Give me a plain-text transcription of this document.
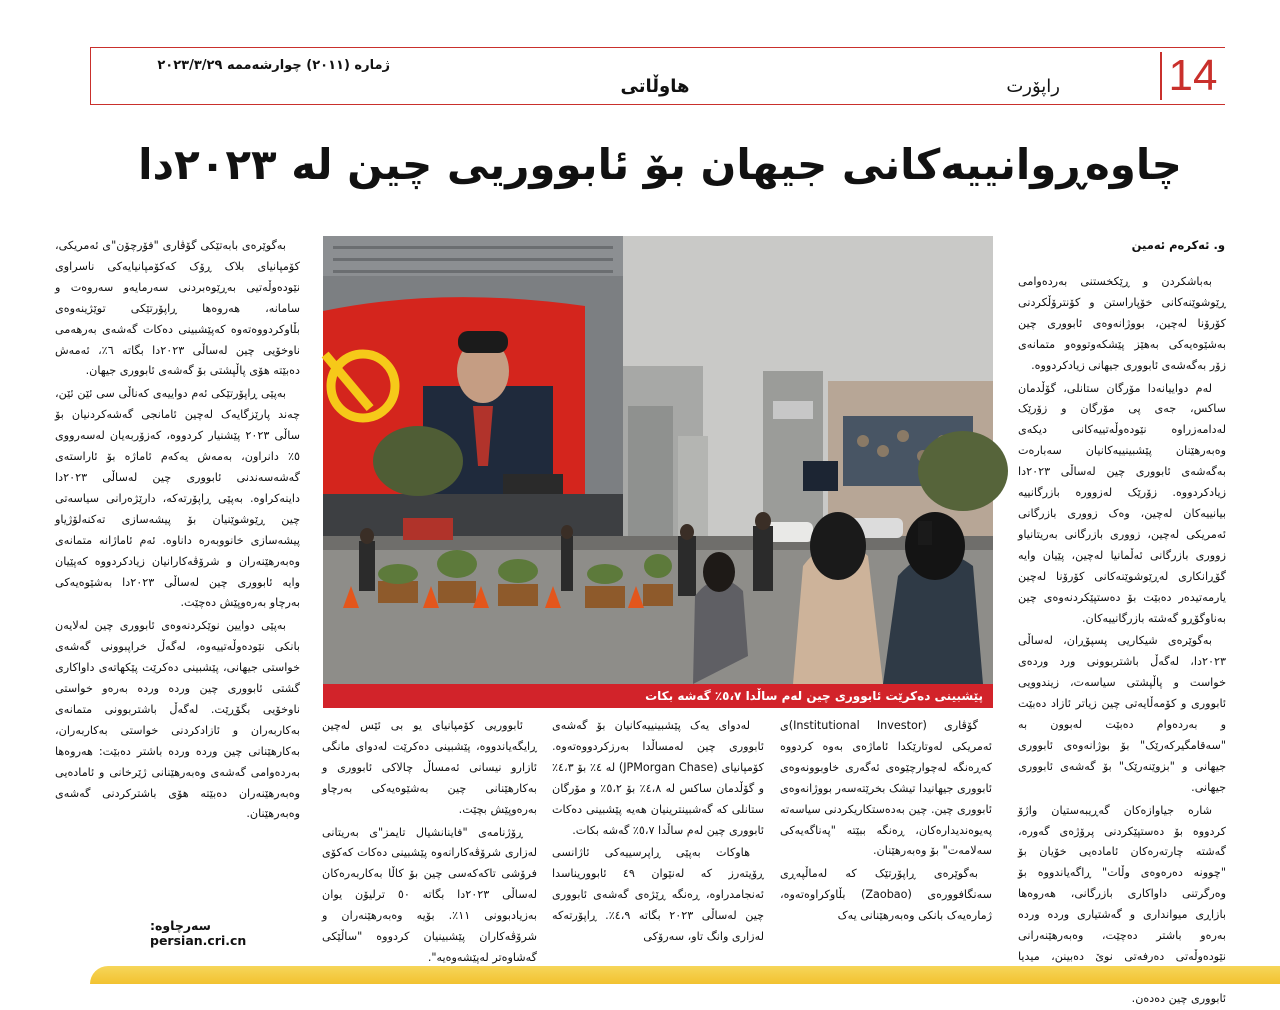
14
ژماره (٢٠١١) چوارشەممە ٢٠٢٣/٣/٢٩
راپۆرت
هاوڵاتی
چاوەڕوانییەکانی جیهان بۆ ئابووریی چین لە ٢٠٢٣دا
و. ئەکرەم ئەمین

بەباشکردن و ڕێکخستنی بەردەوامی ڕێوشوێنەکانی خۆپاراستن و کۆنترۆڵکردنی کۆرۆنا لەچین، بووژانەوەی ئابووری چین بەشێوەیەکی بەهێز پێشکەوتووەو متمانەی زۆر بەگەشەی ئابووری جیهانی زیادکردووە.

لەم دواییانەدا مۆرگان ستانلی، گۆڵدمان ساکس، جەی پی مۆرگان و زۆرێک لەدامەزراوە نێودەوڵەتییەکانی دیکەی وەبەرهێنان پێشبینییەکانیان سەبارەت بەگەشەی ئابووری چین لەساڵی ٢٠٢٣دا زیادکردووە. زۆرێک لەزووره بازرگانییە بیانییەکان لەچین، وەک زووری بازرگانی ئەمریکی لەچین، زووری بازرگانی بەریتانیاو زووری بازرگانی ئەڵمانیا لەچین، پێیان وایە گۆڕانکاری لەڕێوشوێنەکانی کۆرۆنا لەچین یارمەتیدەر دەبێت بۆ دەستپێکردنەوەی چین بەناوگۆڕو گەشتە بازرگانییەکان.

بەگوێرەی شیکاریی پسپۆڕان، لەساڵی ٢٠٢٣دا، لەگەڵ باشتربوونی ورد وردەی خواست و پاڵپشتی سیاسەت، زیندوویی ئابووری و کۆمەڵایەتی چین زیاتر ئازاد دەبێت و بەردەوام دەبێت لەبوون بە "سەقامگیرکەرێک" بۆ بوژانەوەی ئابووری جیهانی و "بزوێنەرێک" بۆ گەشەی ئابووری جیهانی.

شارە جیاوازەکان گەڕیبەستیان واژۆ کردووە بۆ دەستپێکردنی پرۆژەی گەورە، گەشتە چارتەرەکان ئامادەیی خۆیان بۆ "چوونە دەرەوەی وڵات" ڕاگەیاندووە بۆ وەرگرتنی داواکاری بازرگانی، هەروەها بازاڕی میوانداری و گەشتیاری وردە وردە بەرەو باشتر دەچێت، وەبەرهێنەرانی نێودەوڵەتی دەرفەتی نوێ دەبینن، میدیا ئابووری چین دەدەن.

بەگوێرەی بابەتێکی گۆڤاری "فۆرچۆن"ی ئەمریکی، کۆمپانیای بلاک ڕۆک کەکۆمپانیایەکی ناسراوی نێودەوڵەتیی بەڕێوەبردنی سەرمایەو سەروەت و سامانە، هەروەها ڕاپۆرتێکی توێژینەوەی بڵاوکردووەتەوە کەپێشبینی دەکات گەشەی بەرهەمی ناوخۆیی چین لەساڵی ٢٠٢٣دا بگاتە ٦٪، ئەمەش دەبێتە هۆی پاڵپشتی بۆ گەشەی ئابووری جیهان.

بەپێی ڕاپۆرتێکی ئەم دواییەی کەناڵی سی ئێن ئێن، چەند پارێزگایەک لەچین ئامانجی گەشەکردنیان بۆ ساڵی ٢٠٢٣ پێشنیار کردووە، کەزۆربەیان لەسەرووی ٥٪ دانراون، بەمەش یەکەم ئاماژە بۆ ئاراستەی گەشەسەندنی ئابووری چین لەساڵی ٢٠٢٣دا داینەکراوە. بەپێی ڕاپۆرتەکە، دارێژەرانی سیاسەتی چین ڕێوشوێنیان بۆ پیشەسازی تەکنەلۆژیاو پیشەسازی خانووبەرە داناوە. ئەم ئاماژانە متمانەی وەبەرهێنەران و شرۆڤەکارانیان زیادکردووە کەپێیان وایە ئابووری چین لەساڵی ٢٠٢٣دا بەشێوەیەکی بەرچاو بەرەوپێش دەچێت.

بەپێی دوایین نوێکردنەوەی ئابووری چین لەلایەن بانکی نێودەوڵەتییەوە، لەگەڵ خراپبوونی گەشەی خواستی جیهانی، پێشبینی دەکرێت پێکهاتەی داواکاری گشتی ئابووری چین وردە وردە بەرەو خواستی ناوخۆیی بگۆڕێت. لەگەڵ باشتربوونی متمانەی بەکاربەران و ئازادکردنی خواستی بەکاربەران، بەکارهێنانی چین وردە وردە باشتر دەبێت: هەروەها بەردەوامی گەشەی وەبەرهێنانی ژێرخانی و ئامادەیی وەبەرهێنەران دەبێتە هۆی باشترکردنی گەشەی وەبەرهێنان.

پێشبینی دەکرێت ئابووری چین لەم ساڵدا ٥،٧٪ گەشە بکات

گۆڤاری (Institutional Investor)ی ئەمریکی لەوتارێکدا ئاماژەی بەوە کردووە کەڕەنگە لەچوارچێوەی ئەگەری خاوبوونەوەی ئابووری جیهانیدا تیشک بخرێتەسەر بووژانەوەی ئابووری چین. چین بەدەستکاریکردنی سیاسەتە پەیوەندیدارەکان، ڕەنگە ببێتە "پەناگەیەکی سەلامەت" بۆ وەبەرهێنان.

بەگوێرەی ڕاپۆرتێک کە لەماڵپەڕی سەنگافوورەی (Zaobao) بڵاوکراوەتەوە، ژمارەیەک بانکی وەبەرهێنانی یەک

لەدوای یەک پێشبینییەکانیان بۆ گەشەی ئابووری چین لەمساڵدا بەرزکردووەتەوە. کۆمپانیای (JPMorgan Chase) لە ٤٪ بۆ ٤،٣٪ و گۆڵدمان ساکس لە ٤،٨٪ بۆ ٥،٢٪ و مۆرگان ستانلی کە گەشبینترینیان هەیە پێشبینی دەکات ئابووری چین لەم ساڵدا ٥،٧٪ گەشە بکات.

هاوکات بەپێی ڕاپرسییەکی ئاژانسی ڕۆیتەرز کە لەنێوان ٤٩ ئابووریناسدا ئەنجامدراوە، ڕەنگە ڕێژەی گەشەی ئابووری چین لەساڵی ٢٠٢٣ بگاتە ٤،٩٪. ڕاپۆرتەکە لەزاری وانگ تاو، سەرۆکی

ئابووریی کۆمپانیای یو بی ئێس لەچین ڕایگەیاندووە، پێشبینی دەکرێت لەدوای مانگی ئازارو نیسانی ئەمساڵ چالاکی ئابووری و بەکارهێنانی چین بەشێوەیەکی بەرچاو بەرەوپێش بچێت.

ڕۆژنامەی "فاینانشیال تایمز"ی بەریتانی لەزاری شرۆڤەکارانەوە پێشبینی دەکات کەکۆی فرۆشی تاکەکەسی چین بۆ کاڵا بەکاربەرەکان لەساڵی ٢٠٢٣دا بگاتە ٥٠ ترلیۆن یوان بەزیادبوونی ١١٪. بۆیە وەبەرهێنەران و شرۆڤەکاران پێشبینیان کردووە "ساڵێکی گەشاوەتر لەپێشەوەیە".

سەرچاوە: persian.cri.cn
